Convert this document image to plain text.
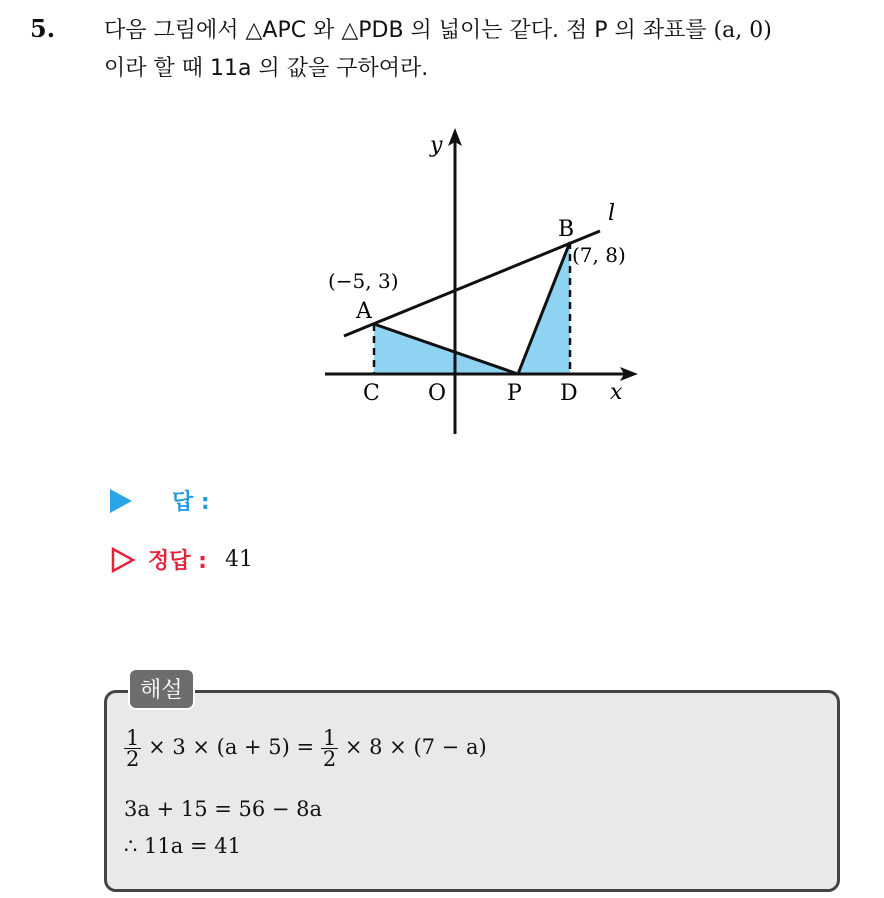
5. 다음 그림에서 △APC 와 △PDB 의 넓이는 같다. 점 P 의 좌표를 (a, 0)
이라 할 때 11a 의 값을 구하여라.
y
x
l
A
B
(−5, 3)
(7, 8)
C O	P D
답 :
정답 : 41
해설
$\frac{1}{2} \times 3 \times (a + 5) = \frac{1}{2} \times 8 \times (7 - a)$
3a + 15 = 56 − 8a
∴ 11a = 41
